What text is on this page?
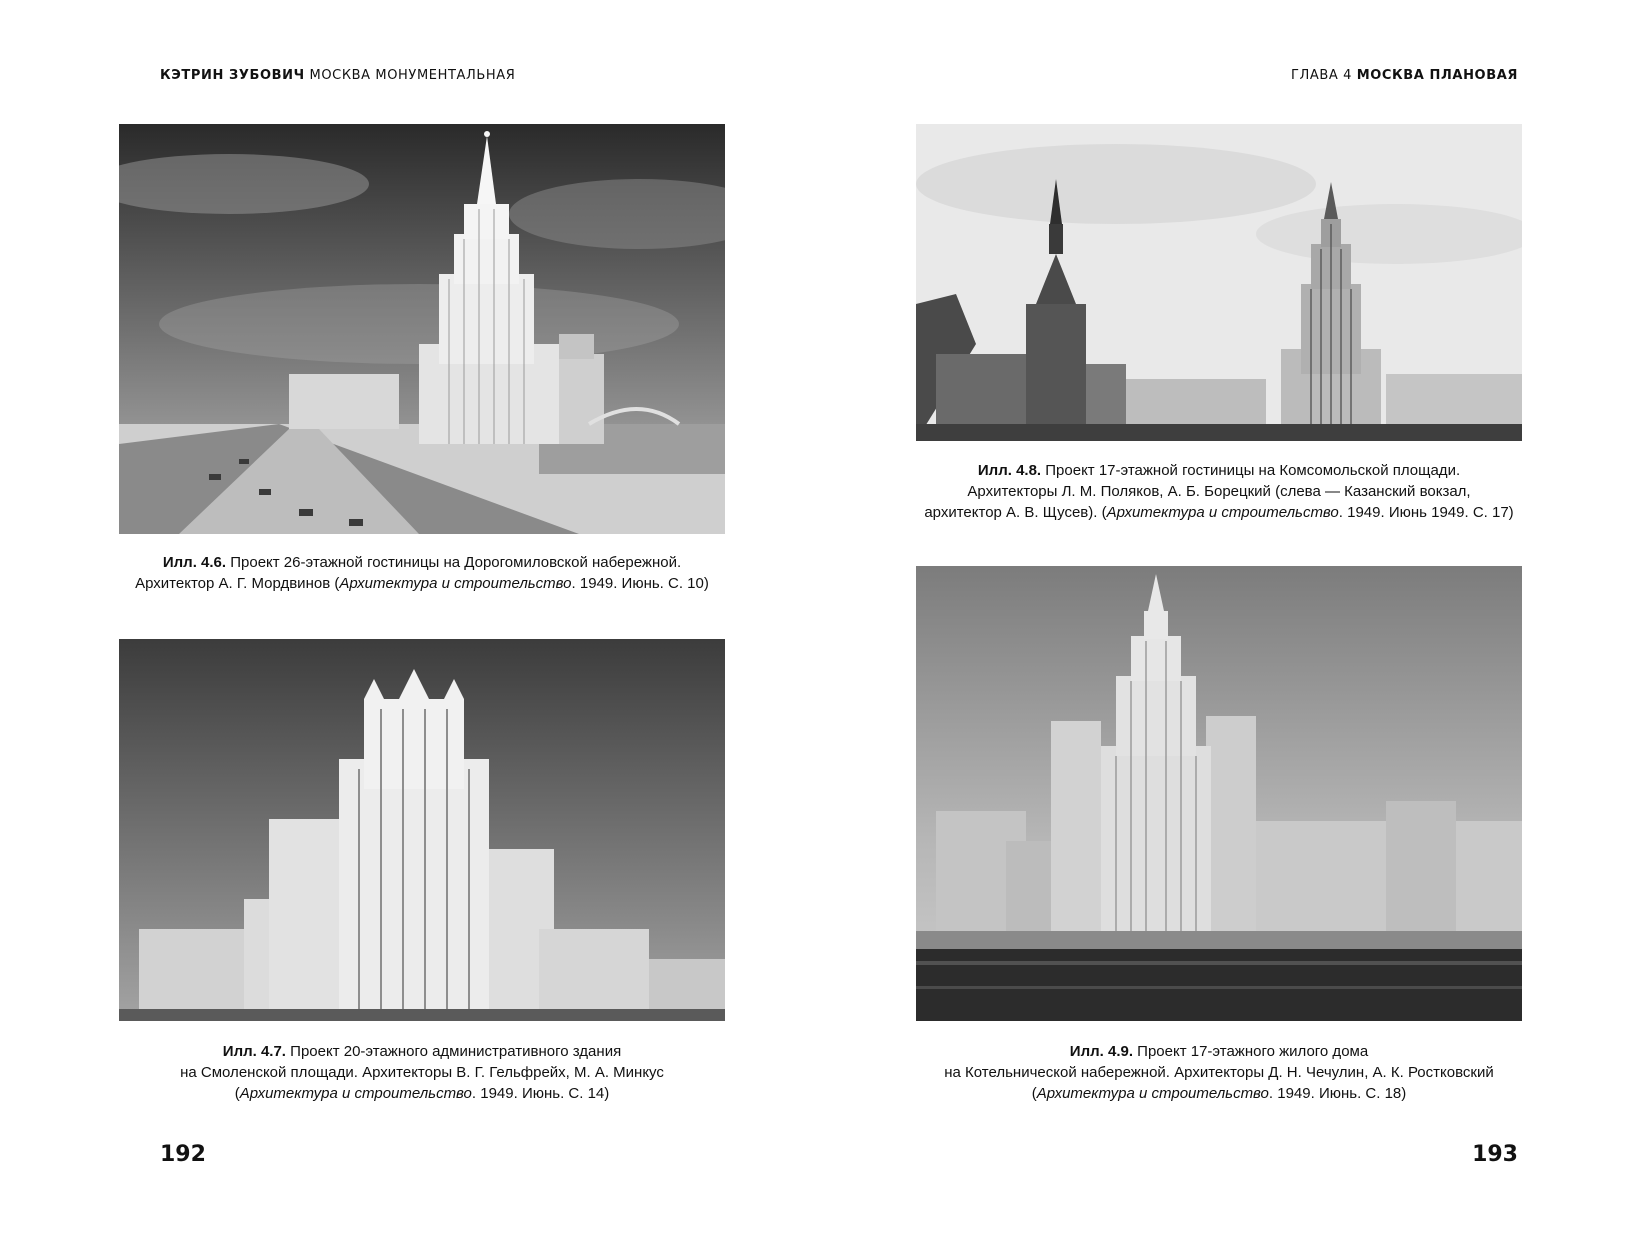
КЭТРИН ЗУБОВИЧ МОСКВА МОНУМЕНТАЛЬНАЯ
Илл. 4.6. Проект 26-этажной гостиницы на Дорогомиловской набережной.
Архитектор А. Г. Мордвинов (Архитектура и строительство. 1949. Июнь. С. 10)
Илл. 4.7. Проект 20-этажного административного здания
на Смоленской площади. Архитекторы В. Г. Гельфрейх, М. А. Минкус
(Архитектура и строительство. 1949. Июнь. С. 14)
192
ГЛАВА 4 МОСКВА ПЛАНОВАЯ
Илл. 4.8. Проект 17-этажной гостиницы на Комсомольской площади.
Архитекторы Л. М. Поляков, А. Б. Борецкий (слева — Казанский вокзал,
архитектор А. В. Щусев). (Архитектура и строительство. 1949. Июнь 1949. С. 17)
Илл. 4.9. Проект 17-этажного жилого дома
на Котельнической набережной. Архитекторы Д. Н. Чечулин, А. К. Ростковский
(Архитектура и строительство. 1949. Июнь. С. 18)
193
